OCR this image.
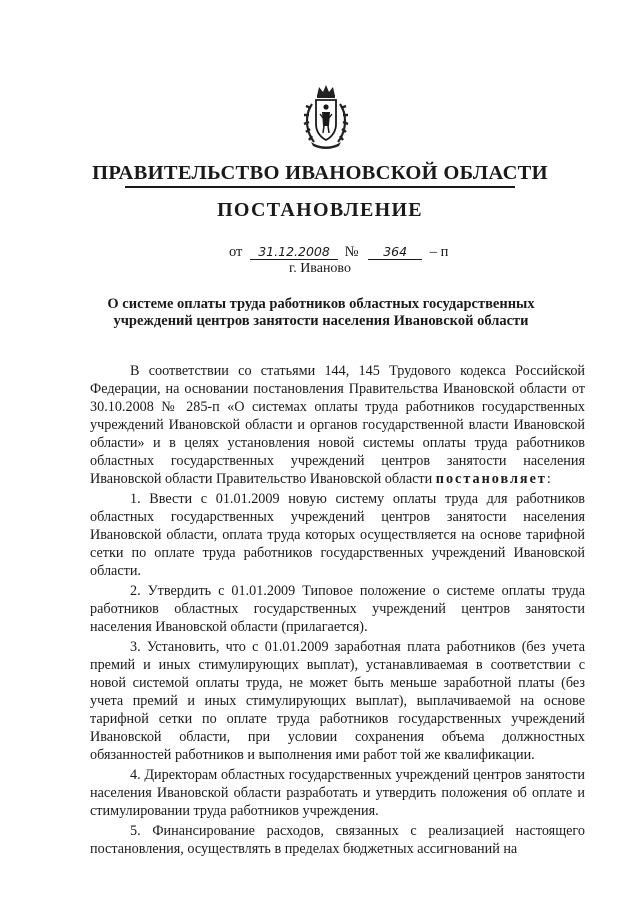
ПРАВИТЕЛЬСТВО ИВАНОВСКОЙ ОБЛАСТИ
ПОСТАНОВЛЕНИЕ
от 31.12.2008 № 364 – п
г. Иваново
О системе оплаты труда работников областных государственных учреждений центров занятости населения Ивановской области

В соответствии со статьями 144, 145 Трудового кодекса Российской Федерации, на основании постановления Правительства Ивановской области от 30.10.2008 № 285-п «О системах оплаты труда работников государственных учреждений Ивановской области и органов государственной власти Ивановской области» и в целях установления новой системы оплаты труда работников областных государственных учреждений центров занятости населения Ивановской области Правительство Ивановской области постановляет:

1. Ввести с 01.01.2009 новую систему оплаты труда для работников областных государственных учреждений центров занятости населения Ивановской области, оплата труда которых осуществляется на основе тарифной сетки по оплате труда работников государственных учреждений Ивановской области.

2. Утвердить с 01.01.2009 Типовое положение о системе оплаты труда работников областных государственных учреждений центров занятости населения Ивановской области (прилагается).

3. Установить, что с 01.01.2009 заработная плата работников (без учета премий и иных стимулирующих выплат), устанавливаемая в соответствии с новой системой оплаты труда, не может быть меньше заработной платы (без учета премий и иных стимулирующих выплат), выплачиваемой на основе тарифной сетки по оплате труда работников государственных учреждений Ивановской области, при условии сохранения объема должностных обязанностей работников и выполнения ими работ той же квалификации.

4. Директорам областных государственных учреждений центров занятости населения Ивановской области разработать и утвердить положения об оплате и стимулировании труда работников учреждения.

5. Финансирование расходов, связанных с реализацией настоящего постановления, осуществлять в пределах бюджетных ассигнований на
